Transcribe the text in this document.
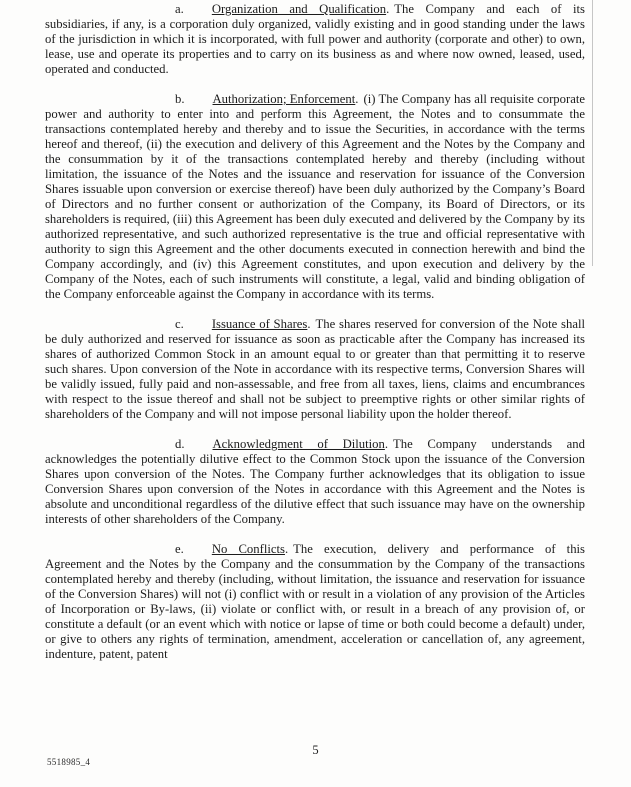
a. Organization and Qualification. The Company and each of its subsidiaries, if any, is a corporation duly organized, validly existing and in good standing under the laws of the jurisdiction in which it is incorporated, with full power and authority (corporate and other) to own, lease, use and operate its properties and to carry on its business as and where now owned, leased, used, operated and conducted.

b. Authorization; Enforcement. (i) The Company has all requisite corporate power and authority to enter into and perform this Agreement, the Notes and to consummate the transactions contemplated hereby and thereby and to issue the Securities, in accordance with the terms hereof and thereof, (ii) the execution and delivery of this Agreement and the Notes by the Company and the consummation by it of the transactions contemplated hereby and thereby (including without limitation, the issuance of the Notes and the issuance and reservation for issuance of the Conversion Shares issuable upon conversion or exercise thereof) have been duly authorized by the Company’s Board of Directors and no further consent or authorization of the Company, its Board of Directors, or its shareholders is required, (iii) this Agreement has been duly executed and delivered by the Company by its authorized representative, and such authorized representative is the true and official representative with authority to sign this Agreement and the other documents executed in connection herewith and bind the Company accordingly, and (iv) this Agreement constitutes, and upon execution and delivery by the Company of the Notes, each of such instruments will constitute, a legal, valid and binding obligation of the Company enforceable against the Company in accordance with its terms.

c. Issuance of Shares. The shares reserved for conversion of the Note shall be duly authorized and reserved for issuance as soon as practicable after the Company has increased its shares of authorized Common Stock in an amount equal to or greater than that permitting it to reserve such shares. Upon conversion of the Note in accordance with its respective terms, Conversion Shares will be validly issued, fully paid and non-assessable, and free from all taxes, liens, claims and encumbrances with respect to the issue thereof and shall not be subject to preemptive rights or other similar rights of shareholders of the Company and will not impose personal liability upon the holder thereof.

d. Acknowledgment of Dilution. The Company understands and acknowledges the potentially dilutive effect to the Common Stock upon the issuance of the Conversion Shares upon conversion of the Notes. The Company further acknowledges that its obligation to issue Conversion Shares upon conversion of the Notes in accordance with this Agreement and the Notes is absolute and unconditional regardless of the dilutive effect that such issuance may have on the ownership interests of other shareholders of the Company.

e. No Conflicts. The execution, delivery and performance of this Agreement and the Notes by the Company and the consummation by the Company of the transactions contemplated hereby and thereby (including, without limitation, the issuance and reservation for issuance of the Conversion Shares) will not (i) conflict with or result in a violation of any provision of the Articles of Incorporation or By-laws, (ii) violate or conflict with, or result in a breach of any provision of, or constitute a default (or an event which with notice or lapse of time or both could become a default) under, or give to others any rights of termination, amendment, acceleration or cancellation of, any agreement, indenture, patent, patent

5
5518985_4
